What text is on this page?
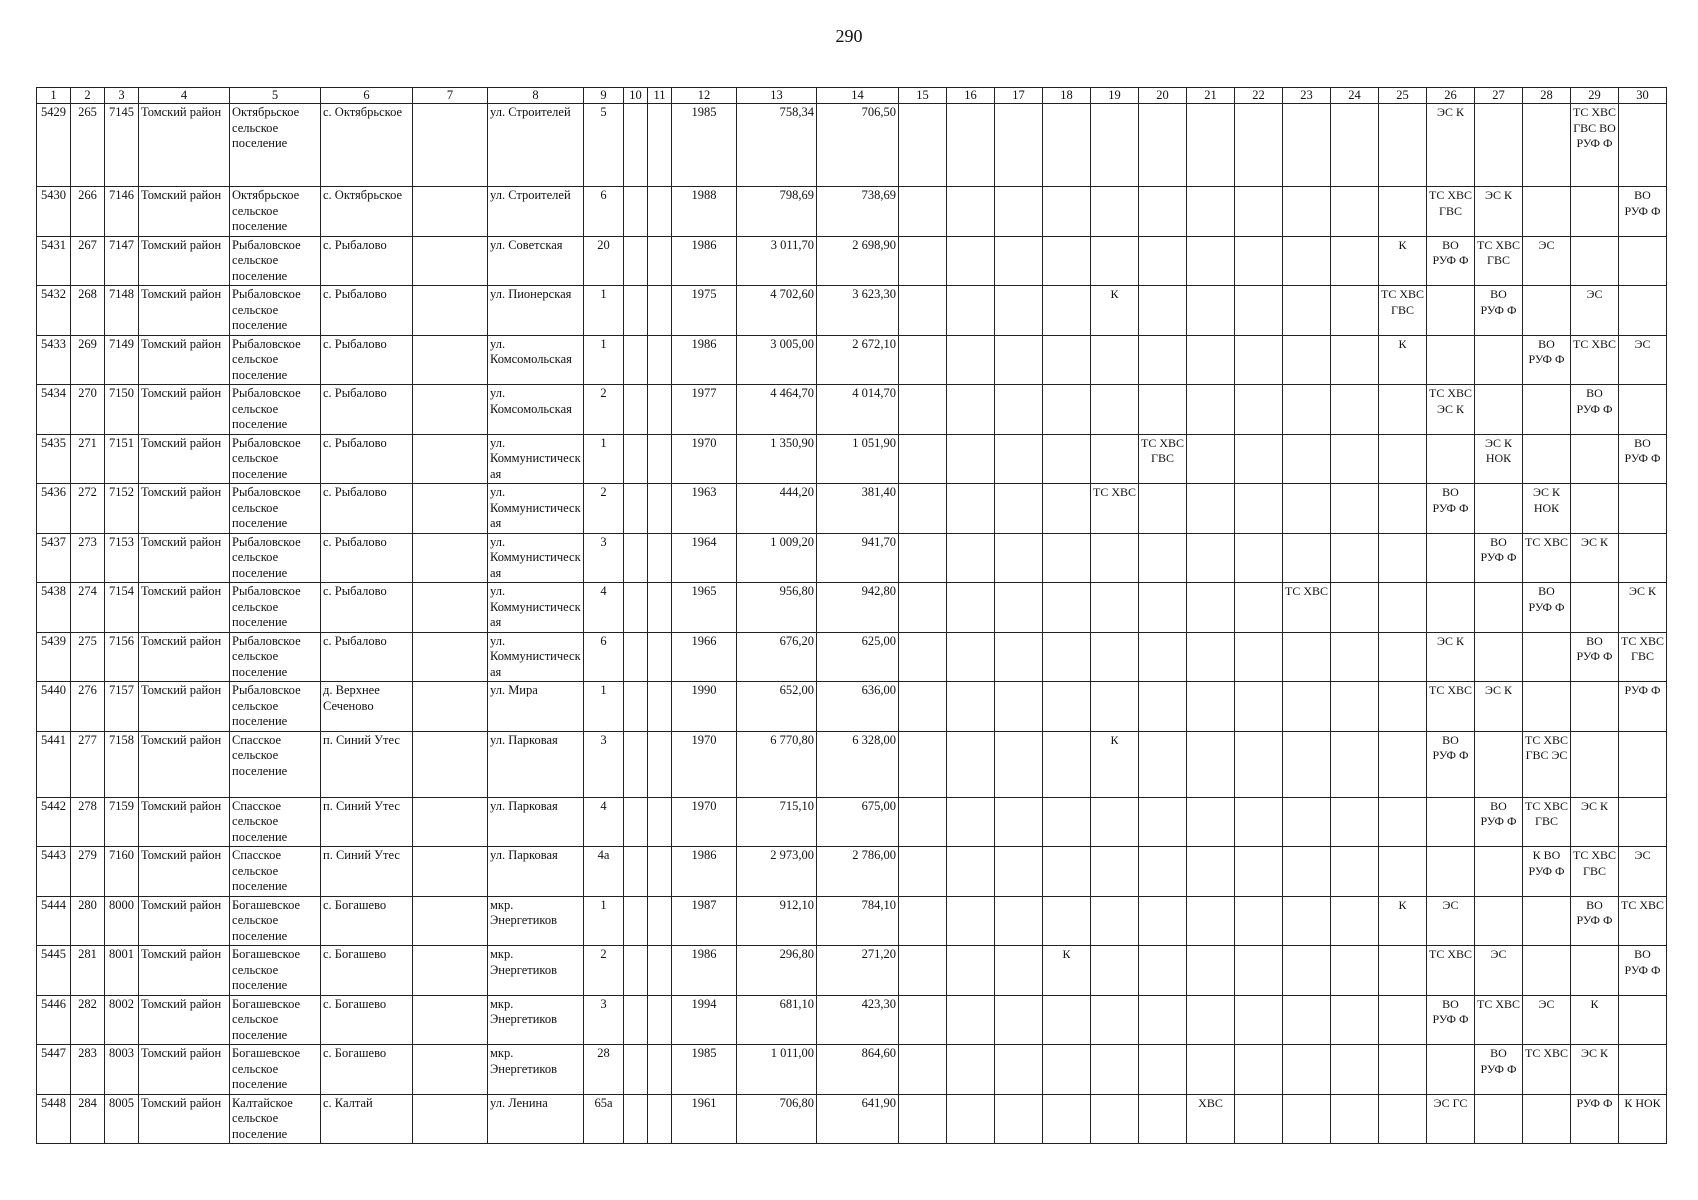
290
1	2	3	4	5	6	7	8	9	10	11	12	13	14	15	16	17	18	19	20	21	22	23	24	25	26	27	28	29	30
5429	265	7145	Томский район	Октябрьское сельское поселение	с. Октябрьское		ул. Строителей	5			1985	758,34	706,50												ЭС К			ТС ХВС ГВС ВО РУФ Ф	
5430	266	7146	Томский район	Октябрьское сельское поселение	с. Октябрьское		ул. Строителей	6			1988	798,69	738,69												ТС ХВС ГВС	ЭС К			ВО РУФ Ф
5431	267	7147	Томский район	Рыбаловское сельское поселение	с. Рыбалово		ул. Советская	20			1986	3 011,70	2 698,90											К	ВО РУФ Ф	ТС ХВС ГВС	ЭС		
5432	268	7148	Томский район	Рыбаловское сельское поселение	с. Рыбалово		ул. Пионерская	1			1975	4 702,60	3 623,30					К						ТС ХВС ГВС		ВО РУФ Ф		ЭС	
5433	269	7149	Томский район	Рыбаловское сельское поселение	с. Рыбалово		ул. Комсомольская	1			1986	3 005,00	2 672,10											К			ВО РУФ Ф	ТС ХВС	ЭС
5434	270	7150	Томский район	Рыбаловское сельское поселение	с. Рыбалово		ул. Комсомольская	2			1977	4 464,70	4 014,70												ТС ХВС ЭС К			ВО РУФ Ф	
5435	271	7151	Томский район	Рыбаловское сельское поселение	с. Рыбалово		ул. Коммунистическая	1			1970	1 350,90	1 051,90						ТС ХВС ГВС							ЭС К НОК			ВО РУФ Ф
5436	272	7152	Томский район	Рыбаловское сельское поселение	с. Рыбалово		ул. Коммунистическая	2			1963	444,20	381,40					ТС ХВС							ВО РУФ Ф		ЭС К НОК		
5437	273	7153	Томский район	Рыбаловское сельское поселение	с. Рыбалово		ул. Коммунистическая	3			1964	1 009,20	941,70													ВО РУФ Ф	ТС ХВС	ЭС К	
5438	274	7154	Томский район	Рыбаловское сельское поселение	с. Рыбалово		ул. Коммунистическая	4			1965	956,80	942,80									ТС ХВС					ВО РУФ Ф		ЭС К
5439	275	7156	Томский район	Рыбаловское сельское поселение	с. Рыбалово		ул. Коммунистическая	6			1966	676,20	625,00												ЭС К			ВО РУФ Ф	ТС ХВС ГВС
5440	276	7157	Томский район	Рыбаловское сельское поселение	д. Верхнее Сеченово		ул. Мира	1			1990	652,00	636,00												ТС ХВС	ЭС К			РУФ Ф
5441	277	7158	Томский район	Спасское сельское поселение	п. Синий Утес		ул. Парковая	3			1970	6 770,80	6 328,00					К							ВО РУФ Ф		ТС ХВС ГВС ЭС		
5442	278	7159	Томский район	Спасское сельское поселение	п. Синий Утес		ул. Парковая	4			1970	715,10	675,00													ВО РУФ Ф	ТС ХВС ГВС	ЭС К	
5443	279	7160	Томский район	Спасское сельское поселение	п. Синий Утес		ул. Парковая	4а			1986	2 973,00	2 786,00														К ВО РУФ Ф	ТС ХВС ГВС	ЭС
5444	280	8000	Томский район	Богашевское сельское поселение	с. Богашево		мкр. Энергетиков	1			1987	912,10	784,10											К	ЭС			ВО РУФ Ф	ТС ХВС
5445	281	8001	Томский район	Богашевское сельское поселение	с. Богашево		мкр. Энергетиков	2			1986	296,80	271,20				К								ТС ХВС	ЭС			ВО РУФ Ф
5446	282	8002	Томский район	Богашевское сельское поселение	с. Богашево		мкр. Энергетиков	3			1994	681,10	423,30												ВО РУФ Ф	ТС ХВС	ЭС	К	
5447	283	8003	Томский район	Богашевское сельское поселение	с. Богашево		мкр. Энергетиков	28			1985	1 011,00	864,60													ВО РУФ Ф	ТС ХВС	ЭС К	
5448	284	8005	Томский район	Калтайское сельское поселение	с. Калтай		ул. Ленина	65а			1961	706,80	641,90							ХВС					ЭС ГС			РУФ Ф	К НОК
